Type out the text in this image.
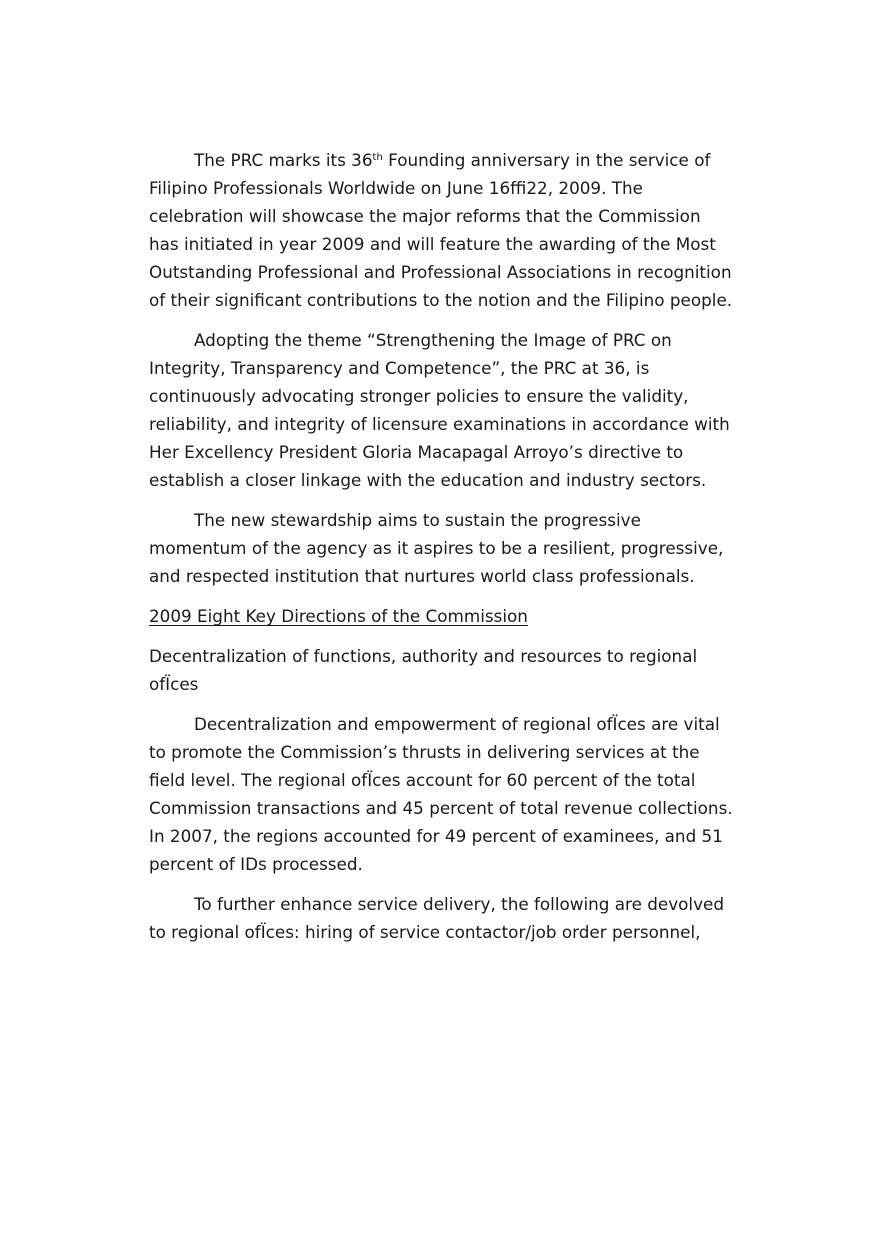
The PRC marks its 36th Founding anniversary in the service of Filipino Professionals Worldwide on June 16ﬃ22, 2009. The celebration will showcase the major reforms that the Commission has initiated in year 2009 and will feature the awarding of the Most Outstanding Professional and Professional Associations in recognition of their significant contributions to the notion and the Filipino people.

Adopting the theme “Strengthening the Image of PRC on Integrity, Transparency and Competence”, the PRC at 36, is continuously advocating stronger policies to ensure the validity, reliability, and integrity of licensure examinations in accordance with Her Excellency President Gloria Macapagal Arroyo’s directive to establish a closer linkage with the education and industry sectors.

The new stewardship aims to sustain the progressive momentum of the agency as it aspires to be a resilient, progressive, and respected institution that nurtures world class professionals.

2009 Eight Key Directions of the Commission

Decentralization of functions, authority and resources to regional ofÏces

Decentralization and empowerment of regional ofÏces are vital to promote the Commission’s thrusts in delivering services at the field level. The regional ofÏces account for 60 percent of the total Commission transactions and 45 percent of total revenue collections. In 2007, the regions accounted for 49 percent of examinees, and 51 percent of IDs processed.

To further enhance service delivery, the following are devolved to regional ofÏces: hiring of service contactor/job order personnel,
